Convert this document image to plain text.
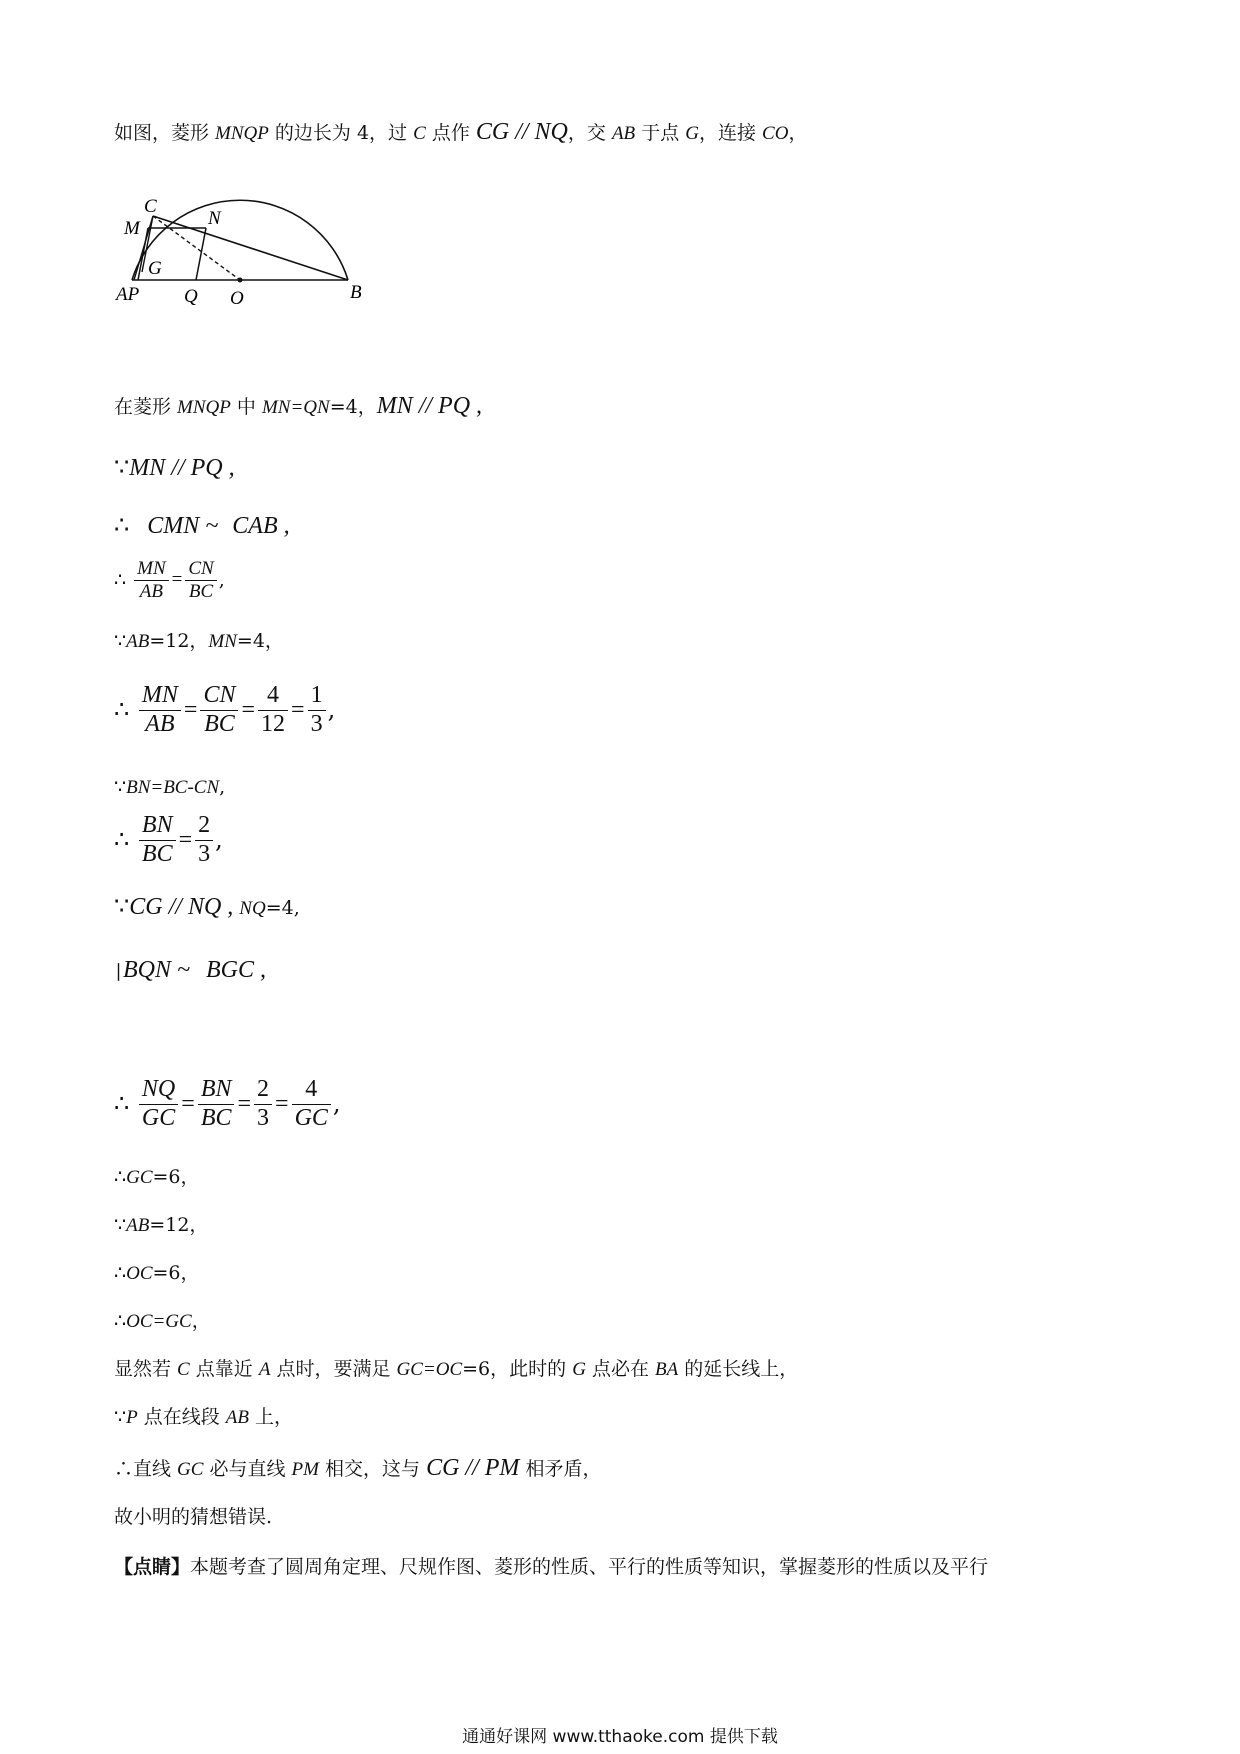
如图，菱形 MNQP 的边长为 4，过 C 点作 CG // NQ，交 AB 于点 G，连接 CO，
C
M	N
G
AP Q O	B
在菱形 MNQP 中 MN=QN=4，MN // PQ ,
∵MN // PQ ,
∴ CMN ~ CAB ,
∴ $\frac{MN}{AB} = \frac{CN}{BC}$ ,
∵AB=12，MN=4，
∴ $\frac{MN}{AB} = \frac{CN}{BC} = \frac{4}{12} = \frac{1}{3}$ ,
∵BN=BC-CN,
∴ $\frac{BN}{BC} = \frac{2}{3}$ ,
∵CG // NQ , NQ=4,
∣BQN ~ BGC ,
∴ $\frac{NQ}{GC} = \frac{BN}{BC} = \frac{2}{3} = \frac{4}{GC}$ ,
∴GC=6，
∵AB=12，
∴OC=6，
∴OC=GC，
显然若 C 点靠近 A 点时，要满足 GC=OC=6，此时的 G 点必在 BA 的延长线上，
∵P 点在线段 AB 上，
∴直线 GC 必与直线 PM 相交，这与 CG // PM 相矛盾，
故小明的猜想错误.
【点睛】本题考查了圆周角定理、尺规作图、菱形的性质、平行的性质等知识，掌握菱形的性质以及平行
通通好课网 www.tthaoke.com 提供下载
